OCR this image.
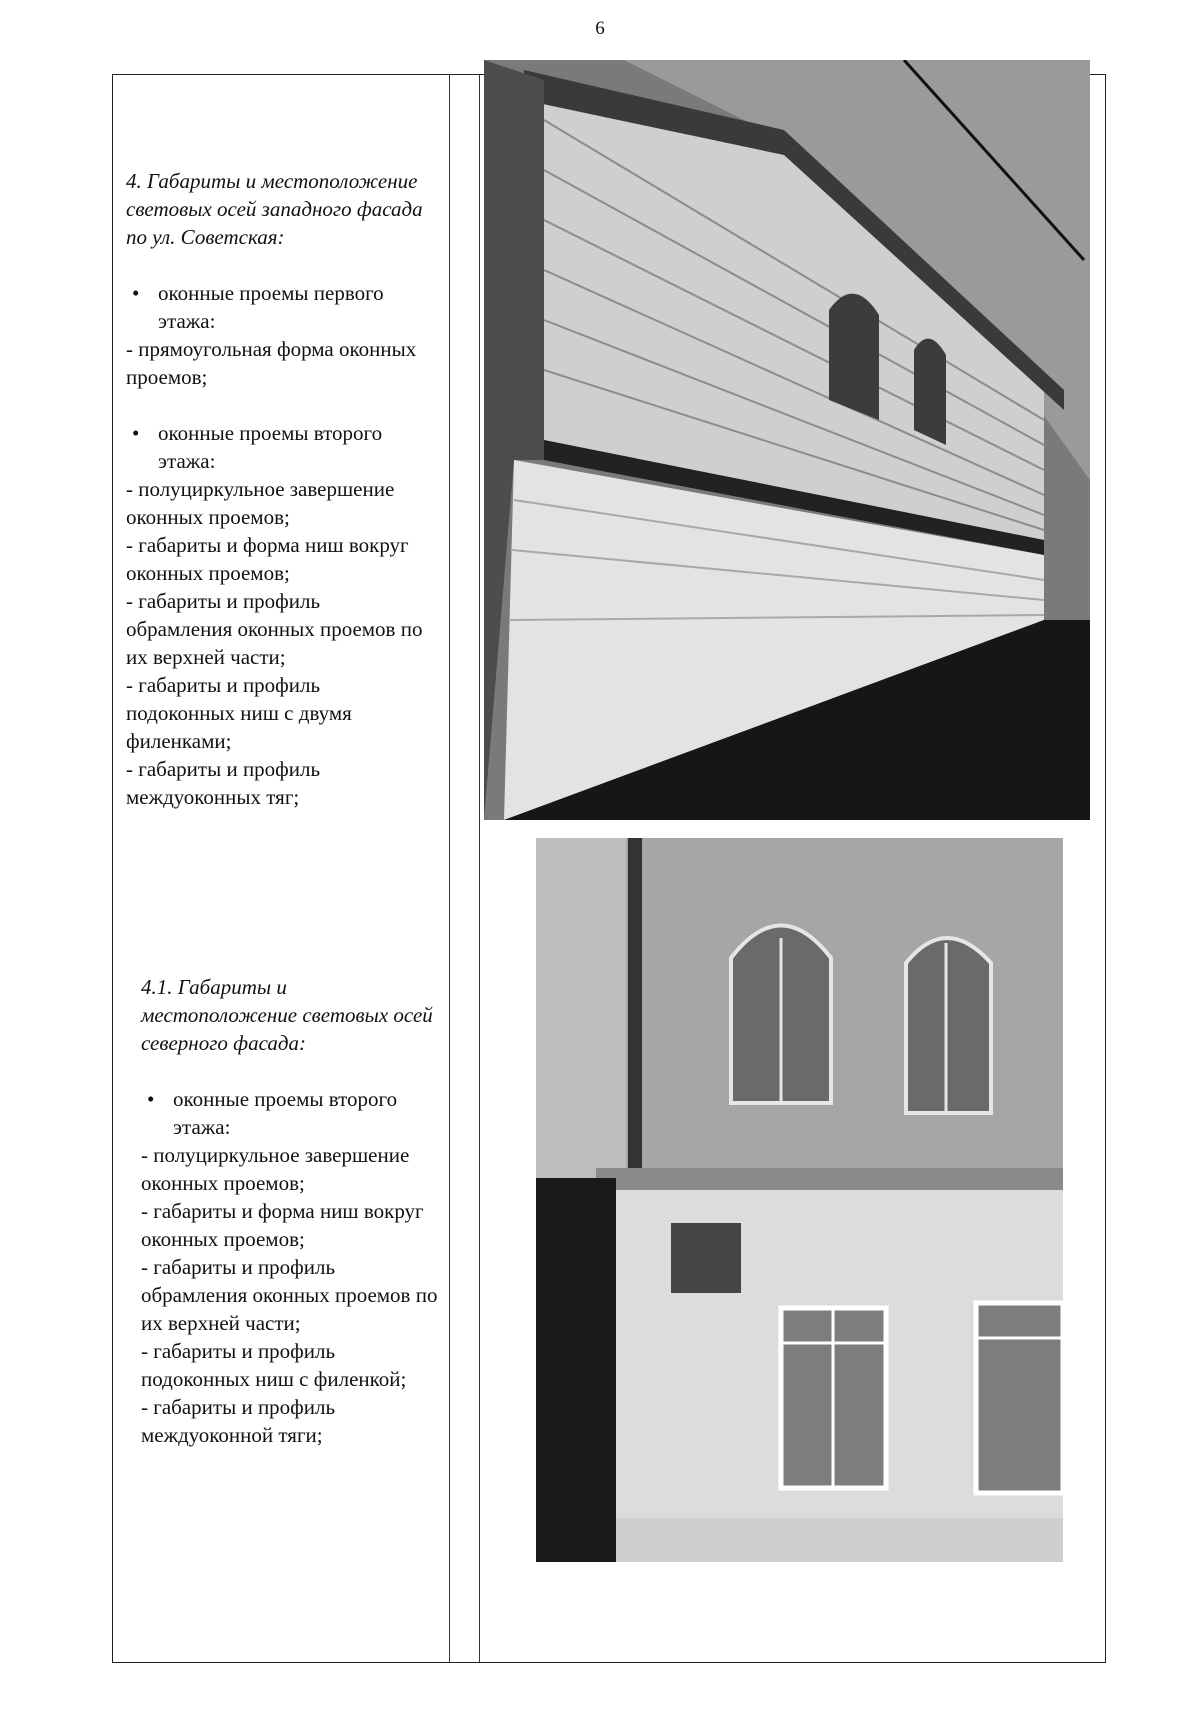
6

4. Габариты и местоположение световых осей западного фасада по ул. Советская:

• оконные проемы первого этажа:

- прямоугольная форма оконных проемов;

• оконные проемы второго этажа:

- полуциркульное завершение оконных проемов;

- габариты и форма ниш вокруг оконных проемов;

- габариты и профиль обрамления оконных проемов по их верхней части;

- габариты и профиль подоконных ниш с двумя филенками;

- габариты и профиль междуоконных тяг;

4.1. Габариты и местоположение световых осей северного фасада:

• оконные проемы второго этажа:

- полуциркульное завершение оконных проемов;

- габариты и форма ниш вокруг оконных проемов;

- габариты и профиль обрамления оконных проемов по их верхней части;

- габариты и профиль подоконных ниш с филенкой;

- габариты и профиль междуоконной тяги;
